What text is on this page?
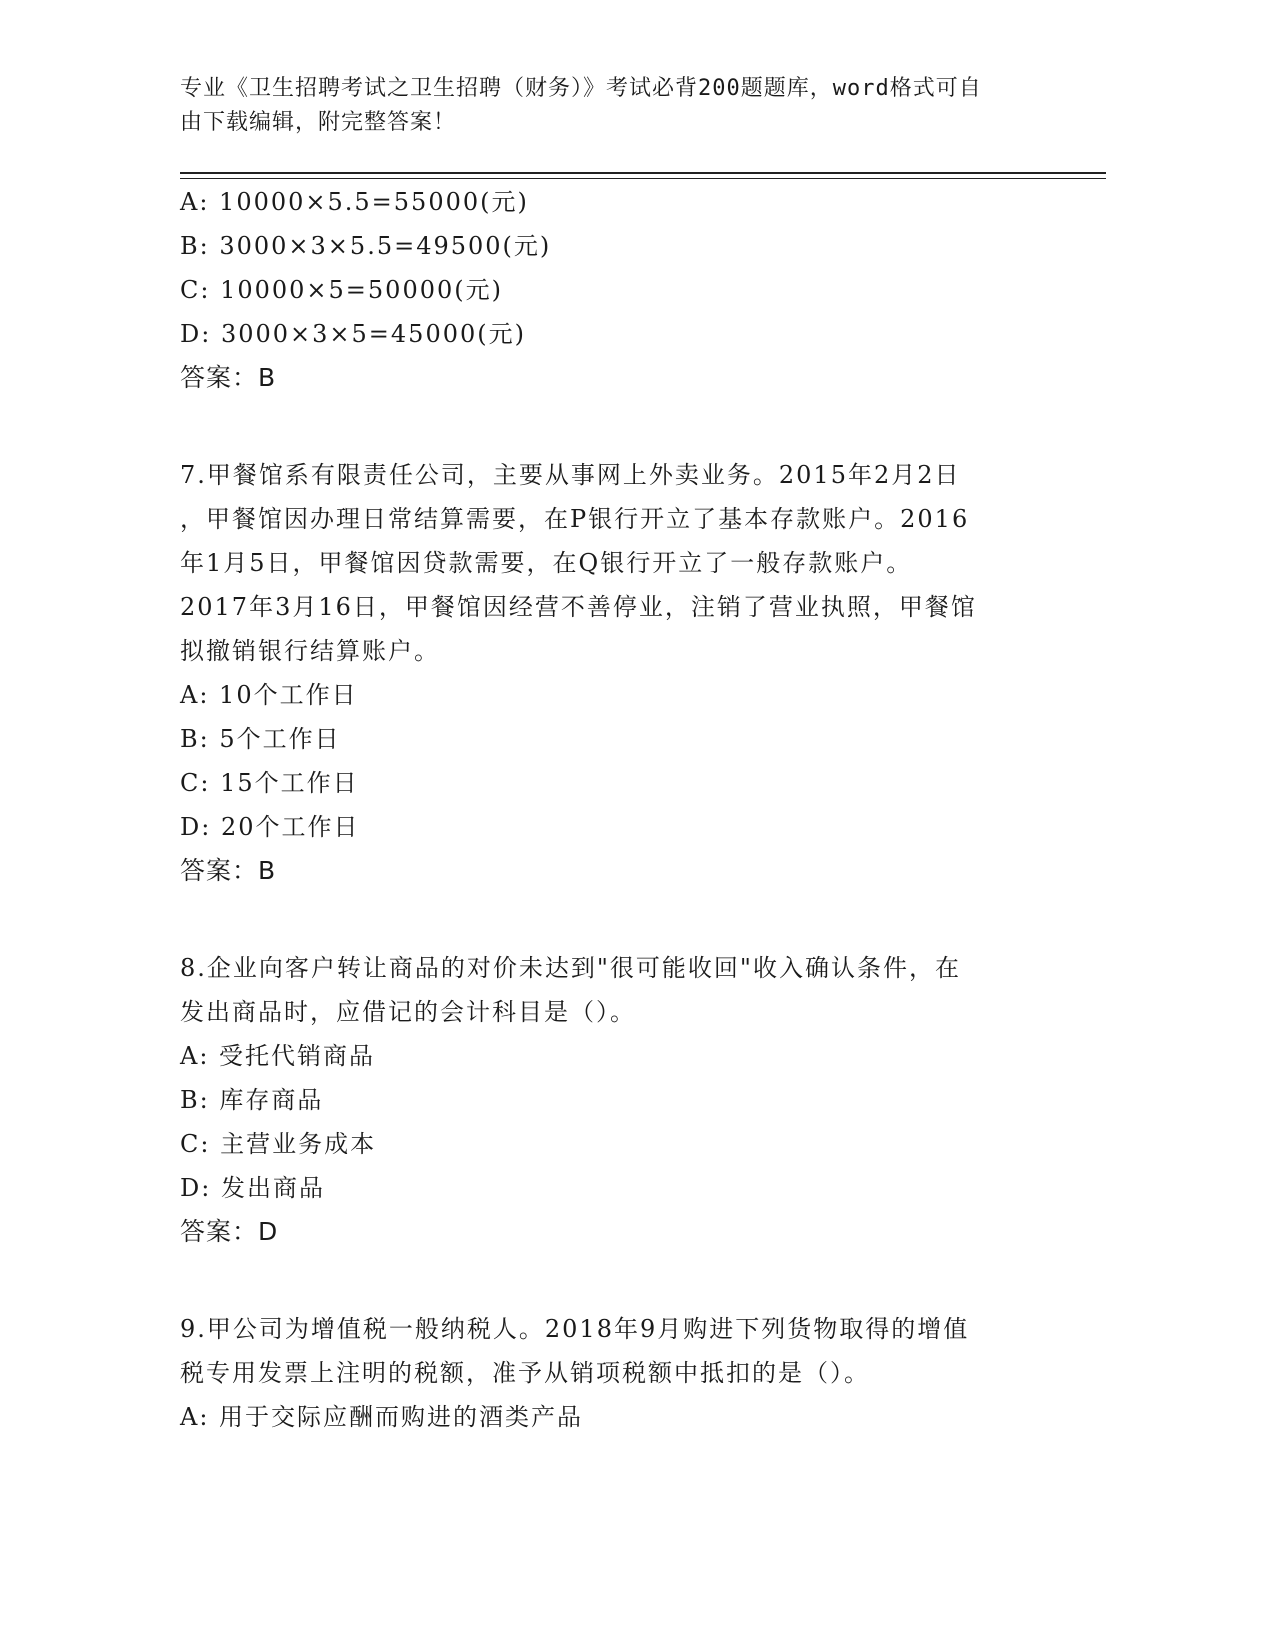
专业《卫生招聘考试之卫生招聘（财务）》考试必背200题题库，word格式可自
由下载编辑，附完整答案！
A: 10000×5.5=55000(元)
B: 3000×3×5.5=49500(元)
C: 10000×5=50000(元)
D: 3000×3×5=45000(元)
答案：B
7.甲餐馆系有限责任公司，主要从事网上外卖业务。2015年2月2日
，甲餐馆因办理日常结算需要，在P银行开立了基本存款账户。2016
年1月5日，甲餐馆因贷款需要，在Q银行开立了一般存款账户。
2017年3月16日，甲餐馆因经营不善停业，注销了营业执照，甲餐馆
拟撤销银行结算账户。
A: 10个工作日
B: 5个工作日
C: 15个工作日
D: 20个工作日
答案：B
8.企业向客户转让商品的对价未达到"很可能收回"收入确认条件，在
发出商品时，应借记的会计科目是（）。
A: 受托代销商品
B: 库存商品
C: 主营业务成本
D: 发出商品
答案：D
9.甲公司为增值税一般纳税人。2018年9月购进下列货物取得的增值
税专用发票上注明的税额，准予从销项税额中抵扣的是（）。
A: 用于交际应酬而购进的酒类产品
